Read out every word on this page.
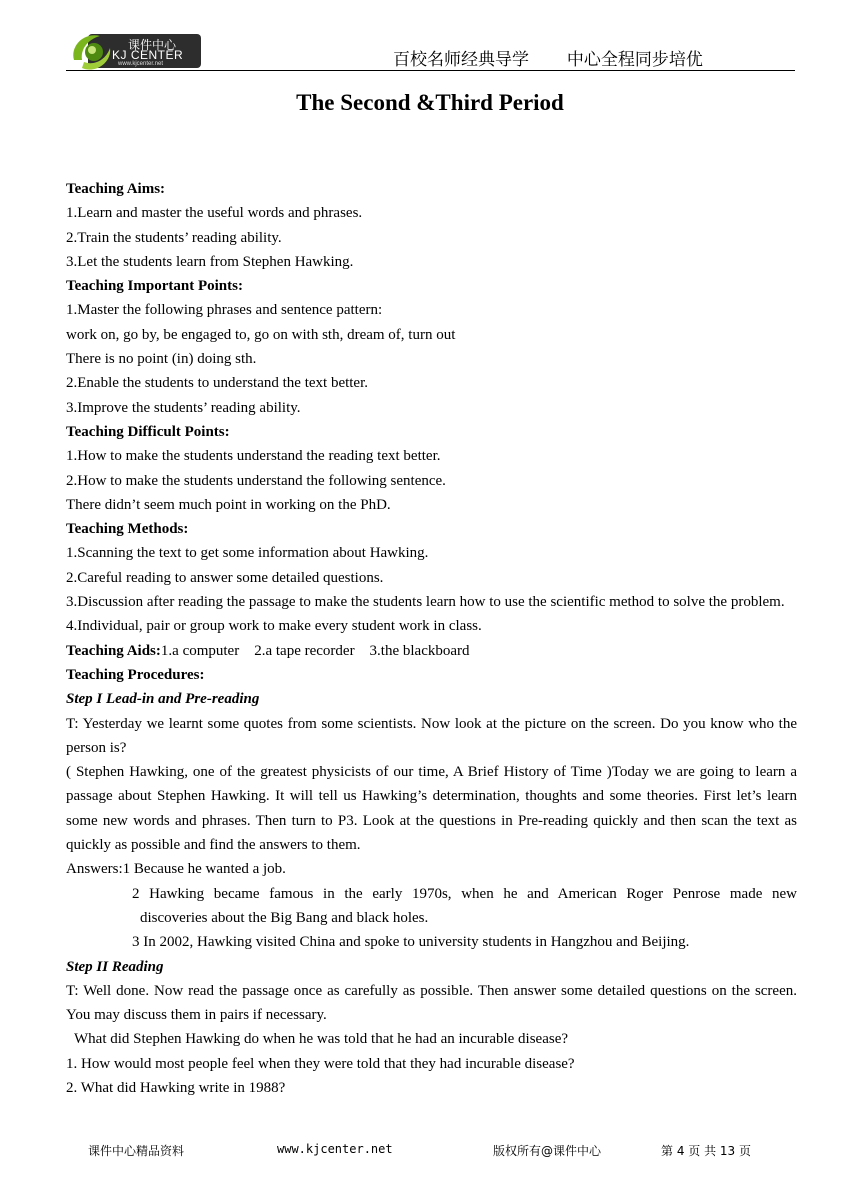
课件中心
KJ CENTER
www.kjcenter.net	百校名师经典导学       中心全程同步培优
The Second &Third Period
Teaching Aims:
1.Learn and master the useful words and phrases.
2.Train the students’ reading ability.
3.Let the students learn from Stephen Hawking.
Teaching Important Points:
1.Master the following phrases and sentence pattern:
work on, go by, be engaged to, go on with sth, dream of, turn out
There is no point (in) doing sth.
2.Enable the students to understand the text better.
3.Improve the students’ reading ability.
Teaching Difficult Points:
1.How to make the students understand the reading text better.
2.How to make the students understand the following sentence.
There didn’t seem much point in working on the PhD.
Teaching Methods:
1.Scanning the text to get some information about Hawking.
2.Careful reading to answer some detailed questions.
3.Discussion after reading the passage to make the students learn how to use the scientific method to solve the problem.
4.Individual, pair or group work to make every student work in class.
Teaching Aids:1.a computer    2.a tape recorder    3.the blackboard
Teaching Procedures:
Step I Lead-in and Pre-reading
T: Yesterday we learnt some quotes from some scientists. Now look at the picture on the screen. Do you know who the person is?
( Stephen Hawking, one of the greatest physicists of our time, A Brief History of Time )Today we are going to learn a passage about Stephen Hawking. It will tell us Hawking’s determination, thoughts and some theories. First let’s learn some new words and phrases. Then turn to P3. Look at the questions in Pre-reading quickly and then scan the text as quickly as possible and find the answers to them.
Answers:1 Because he wanted a job.
2 Hawking became famous in the early 1970s, when he and American Roger Penrose made new
discoveries about the Big Bang and black holes.
3 In 2002, Hawking visited China and spoke to university students in Hangzhou and Beijing.
Step II Reading
T: Well done. Now read the passage once as carefully as possible. Then answer some detailed questions on the screen. You may discuss them in pairs if necessary.
What did Stephen Hawking do when he was told that he had an incurable disease?
1. How would most people feel when they were told that they had incurable disease?
2. What did Hawking write in 1988?
课件中心精品资料	www.kjcenter.net	版权所有@课件中心	第 4 页 共 13 页
